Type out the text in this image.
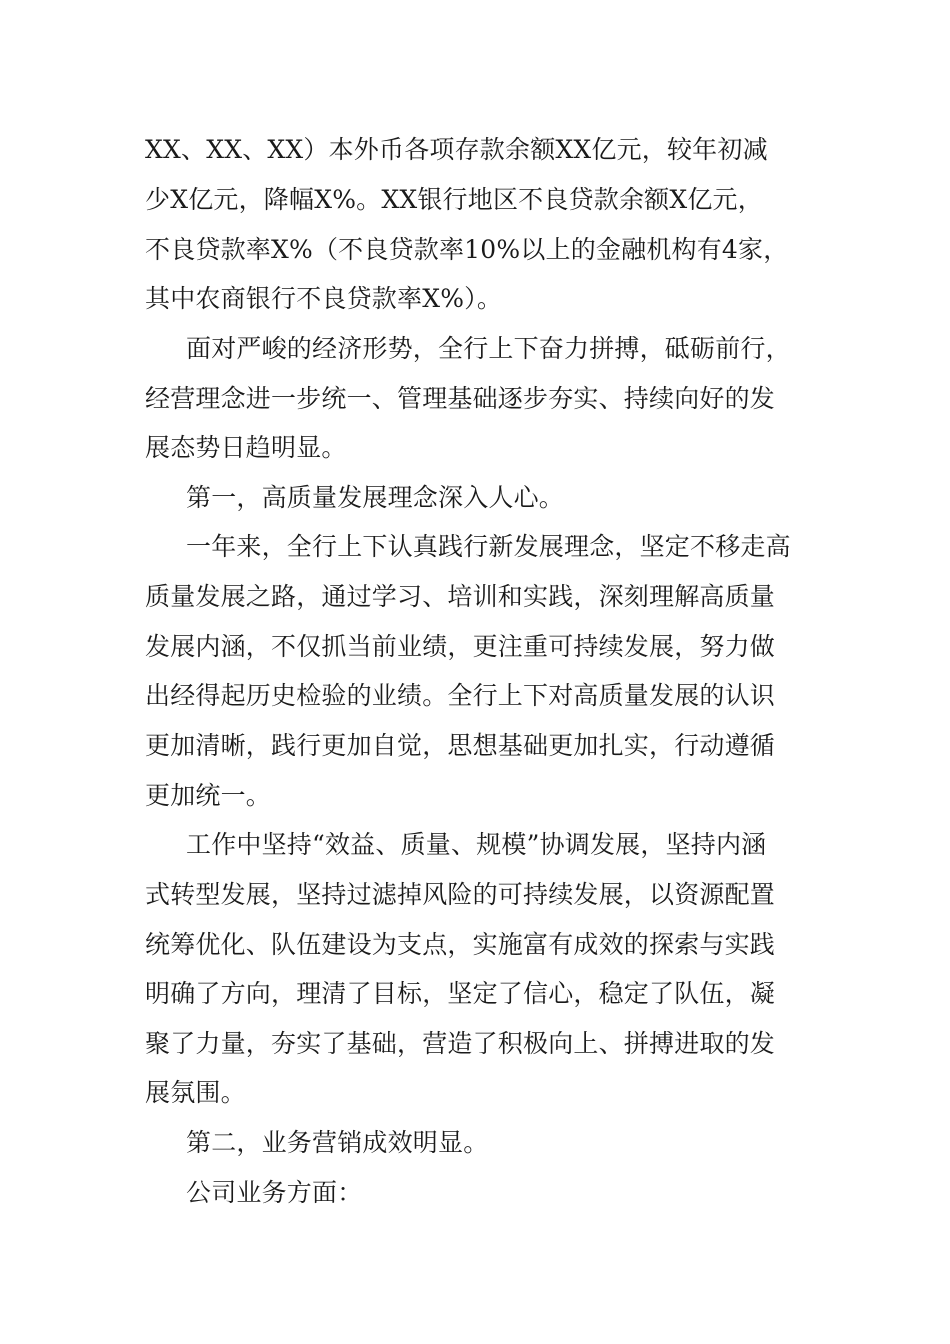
XX、XX、XX）本外币各项存款余额XX亿元，较年初减
少X亿元，降幅X%。XX银行地区不良贷款余额X亿元，
不良贷款率X%（不良贷款率10%以上的金融机构有4家，
其中农商银行不良贷款率X%）。
面对严峻的经济形势，全行上下奋力拼搏，砥砺前行，
经营理念进一步统一、管理基础逐步夯实、持续向好的发
展态势日趋明显。
第一，高质量发展理念深入人心。
一年来，全行上下认真践行新发展理念，坚定不移走高
质量发展之路，通过学习、培训和实践，深刻理解高质量
发展内涵，不仅抓当前业绩，更注重可持续发展，努力做
出经得起历史检验的业绩。全行上下对高质量发展的认识
更加清晰，践行更加自觉，思想基础更加扎实，行动遵循
更加统一。
工作中坚持“效益、质量、规模”协调发展，坚持内涵
式转型发展，坚持过滤掉风险的可持续发展，以资源配置
统筹优化、队伍建设为支点，实施富有成效的探索与实践
明确了方向，理清了目标，坚定了信心，稳定了队伍，凝
聚了力量，夯实了基础，营造了积极向上、拼搏进取的发
展氛围。
第二，业务营销成效明显。
公司业务方面：
